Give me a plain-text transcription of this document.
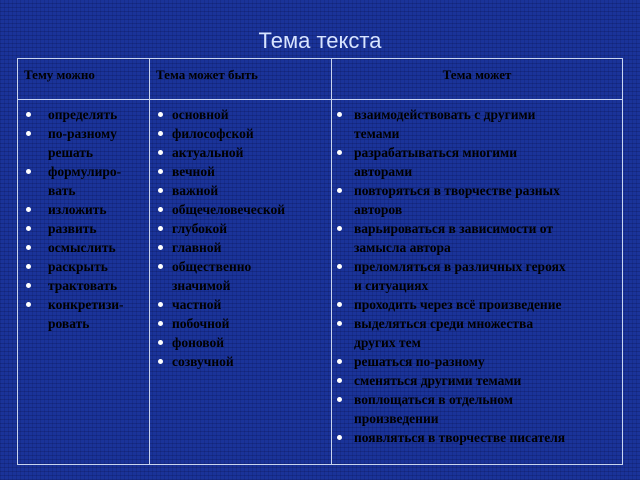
Тема текста
Тему можно	Тема может быть	Тема может
определять
по-разному
решать
формулиро-
вать
изложить
развить
осмыслить
раскрыть
трактовать
конкретизи-
ровать
основной
философской
актуальной
вечной
важной
общечеловеческой
глубокой
главной
общественно
значимой
частной
побочной
фоновой
созвучной
взаимодействовать с другими
темами
разрабатываться многими
авторами
повторяться в творчестве разных
авторов
варьироваться в зависимости от
замысла автора
преломляться в различных героях
и ситуациях
проходить через всё произведение
выделяться среди множества
других тем
решаться по-разному
сменяться другими темами
воплощаться в отдельном
произведении
появляться в творчестве писателя
